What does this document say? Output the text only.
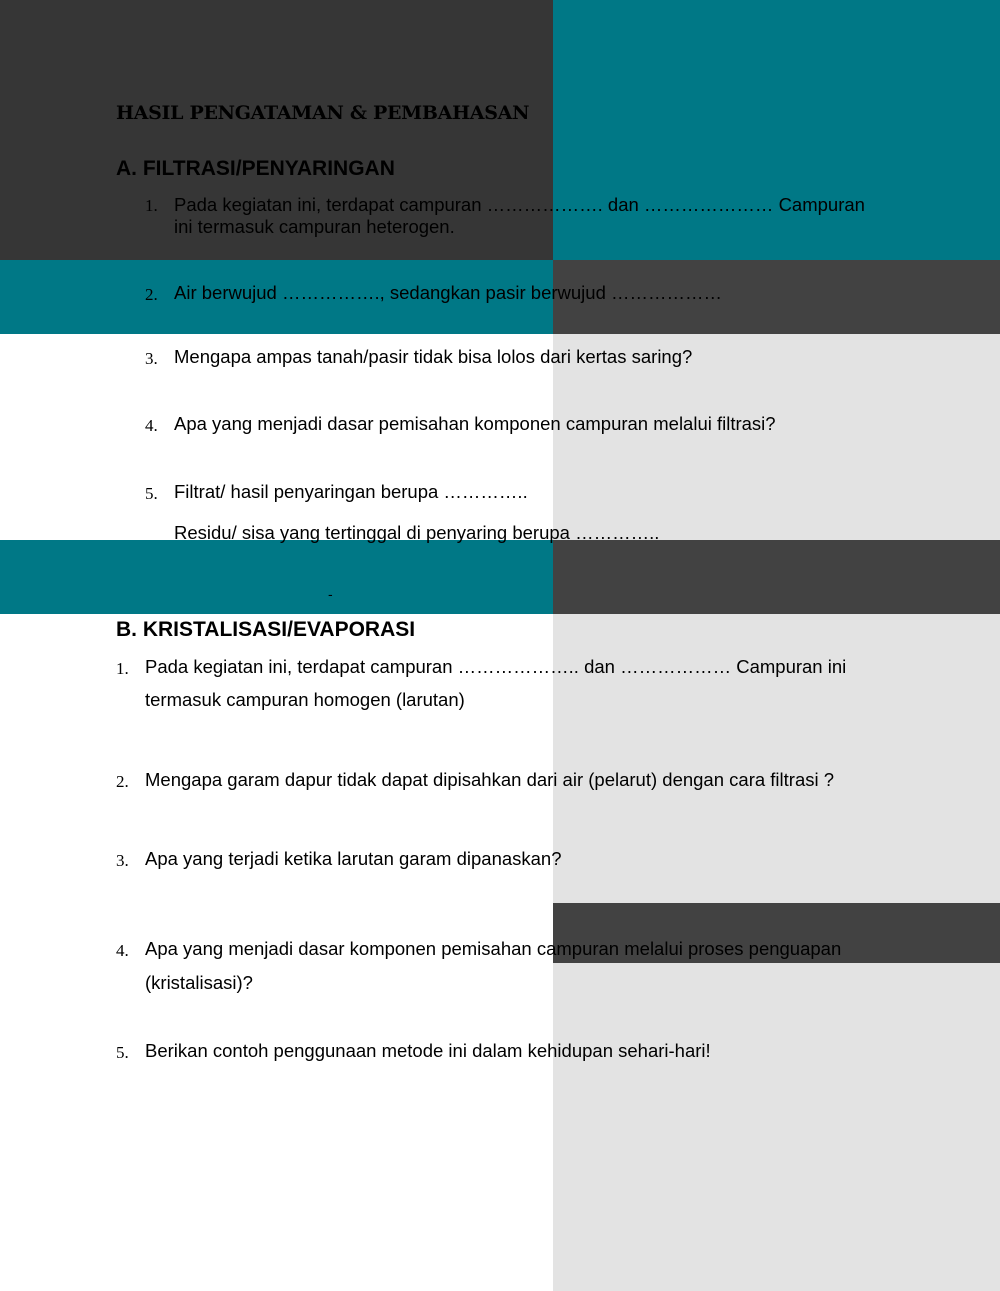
HASIL PENGATAMAN & PEMBAHASAN
A. FILTRASI/PENYARINGAN
1. Pada kegiatan ini, terdapat campuran ………………. dan ………………… Campuran
ini termasuk campuran heterogen.
2. Air berwujud ……………., sedangkan pasir berwujud ………………
3. Mengapa ampas tanah/pasir tidak bisa lolos dari kertas saring?
4. Apa yang menjadi dasar pemisahan komponen campuran melalui filtrasi?
5. Filtrat/ hasil penyaringan berupa …………..
Residu/ sisa yang tertinggal di penyaring berupa …………..
-
B. KRISTALISASI/EVAPORASI
1. Pada kegiatan ini, terdapat campuran ……………….. dan ……………… Campuran ini
termasuk campuran homogen (larutan)
2. Mengapa garam dapur tidak dapat dipisahkan dari air (pelarut) dengan cara filtrasi ?
3. Apa yang terjadi ketika larutan garam dipanaskan?
4. Apa yang menjadi dasar komponen pemisahan campuran melalui proses penguapan
(kristalisasi)?
5. Berikan contoh penggunaan metode ini dalam kehidupan sehari-hari!
